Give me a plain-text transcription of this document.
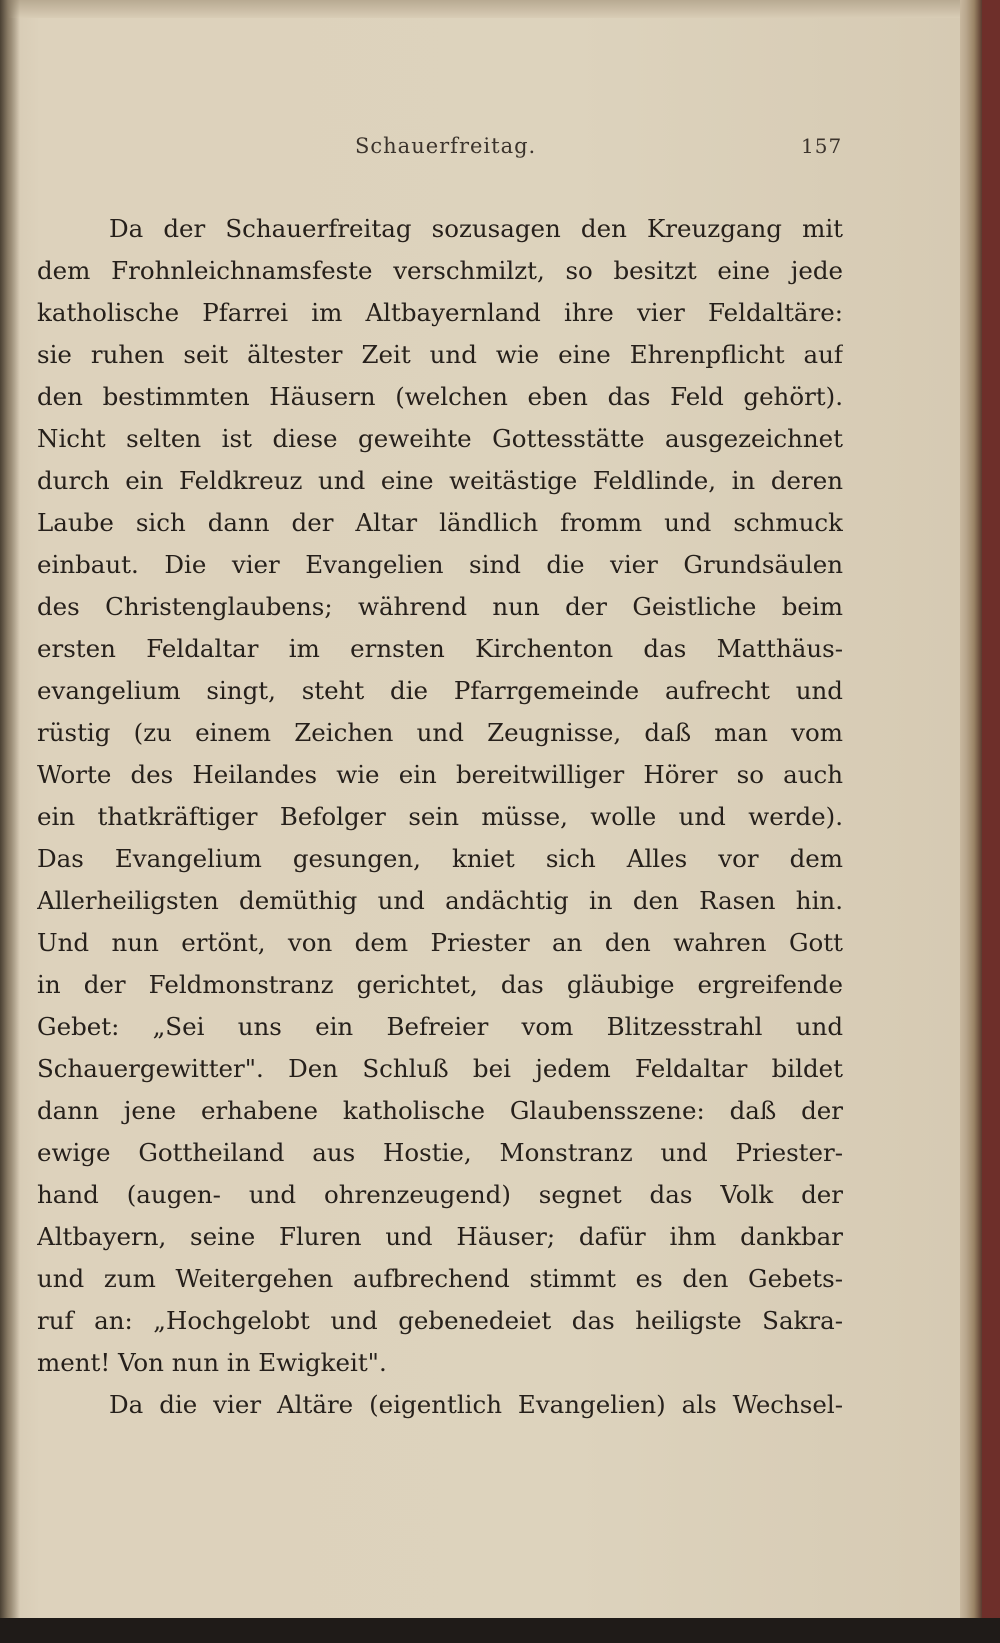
Schauerfreitag.	157
Da der Schauerfreitag sozusagen den Kreuzgang mit
dem Frohnleichnamsfeste verschmilzt, so besitzt eine jede
katholische Pfarrei im Altbayernland ihre vier Feldaltäre:
sie ruhen seit ältester Zeit und wie eine Ehrenpflicht auf
den bestimmten Häusern (welchen eben das Feld gehört).
Nicht selten ist diese geweihte Gottesstätte ausgezeichnet
durch ein Feldkreuz und eine weitästige Feldlinde, in deren
Laube sich dann der Altar ländlich fromm und schmuck
einbaut. Die vier Evangelien sind die vier Grundsäulen
des Christenglaubens; während nun der Geistliche beim
ersten Feldaltar im ernsten Kirchenton das Matthäus-
evangelium singt, steht die Pfarrgemeinde aufrecht und
rüstig (zu einem Zeichen und Zeugnisse, daß man vom
Worte des Heilandes wie ein bereitwilliger Hörer so auch
ein thatkräftiger Befolger sein müsse, wolle und werde).
Das Evangelium gesungen, kniet sich Alles vor dem
Allerheiligsten demüthig und andächtig in den Rasen hin.
Und nun ertönt, von dem Priester an den wahren Gott
in der Feldmonstranz gerichtet, das gläubige ergreifende
Gebet: „Sei uns ein Befreier vom Blitzesstrahl und
Schauergewitter". Den Schluß bei jedem Feldaltar bildet
dann jene erhabene katholische Glaubensszene: daß der
ewige Gottheiland aus Hostie, Monstranz und Priester-
hand (augen- und ohrenzeugend) segnet das Volk der
Altbayern, seine Fluren und Häuser; dafür ihm dankbar
und zum Weitergehen aufbrechend stimmt es den Gebets-
ruf an: „Hochgelobt und gebenedeiet das heiligste Sakra-
ment! Von nun in Ewigkeit".
Da die vier Altäre (eigentlich Evangelien) als Wechsel-
